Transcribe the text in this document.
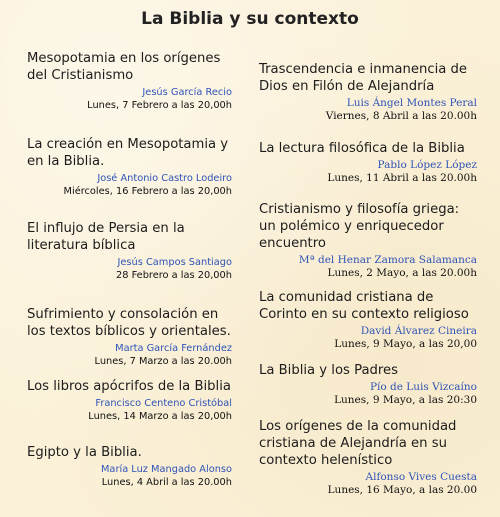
La Biblia y su contexto

Mesopotamia en los orígenes del Cristianismo

Jesús García Recio
Lunes, 7 Febrero a las 20,00h

La creación en Mesopotamia y en la Biblia.

José Antonio Castro Lodeiro
Miércoles, 16 Febrero a las 20,00h

El influjo de Persia en la literatura bíblica

Jesús Campos Santiago
28 Febrero a las 20,00h

Sufrimiento y consolación en los textos bíblicos y orientales.

Marta García Fernández
Lunes, 7 Marzo a las 20.00h

Los libros apócrifos de la Biblia

Francisco Centeno Cristóbal
Lunes, 14 Marzo a las 20,00h

Egipto y la Biblia.

María Luz Mangado Alonso
Lunes, 4 Abril a las 20.00h

Trascendencia e inmanencia de Dios en Filón de Alejandría

Luis Ángel Montes Peral
Viernes, 8 Abril a las 20.00h

La lectura filosófica de la Biblia

Pablo López López
Lunes, 11 Abril a las 20.00h

Cristianismo y filosofía griega: un polémico y enriquecedor encuentro

Mª del Henar Zamora Salamanca
Lunes, 2 Mayo, a las 20.00h

La comunidad cristiana de Corinto en su contexto religioso

David Álvarez Cineira
Lunes, 9 Mayo, a las 20,00

La Biblia y los Padres

Pío de Luis Vizcaíno
Lunes, 9 Mayo, a las 20:30

Los orígenes de la comunidad cristiana de Alejandría en su contexto helenístico

Alfonso Vives Cuesta
Lunes, 16 Mayo, a las 20.00
